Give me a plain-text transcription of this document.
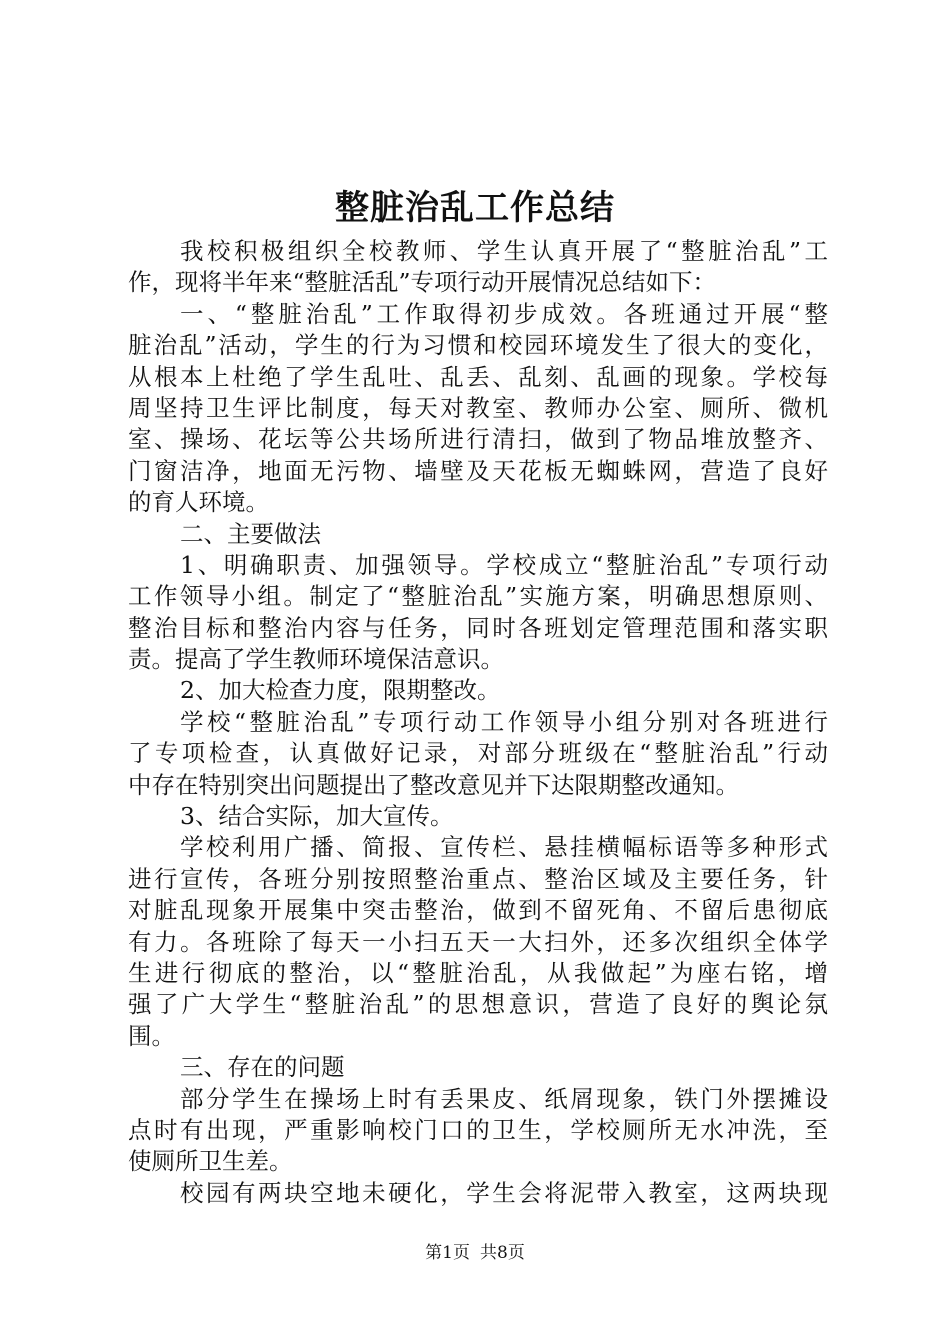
整脏治乱工作总结
我校积极组织全校教师、学生认真开展了“整脏治乱”工
作，现将半年来“整脏活乱”专项行动开展情况总结如下：
一、“整脏治乱”工作取得初步成效。各班通过开展“整
脏治乱”活动，学生的行为习惯和校园环境发生了很大的变化，
从根本上杜绝了学生乱吐、乱丢、乱刻、乱画的现象。学校每
周坚持卫生评比制度，每天对教室、教师办公室、厕所、微机
室、操场、花坛等公共场所进行清扫，做到了物品堆放整齐、
门窗洁净，地面无污物、墙壁及天花板无蜘蛛网，营造了良好
的育人环境。
二、主要做法
1、明确职责、加强领导。学校成立“整脏治乱”专项行动
工作领导小组。制定了“整脏治乱”实施方案，明确思想原则、
整治目标和整治内容与任务，同时各班划定管理范围和落实职
责。提高了学生教师环境保洁意识。
2、加大检查力度，限期整改。
学校“整脏治乱”专项行动工作领导小组分别对各班进行
了专项检查，认真做好记录，对部分班级在“整脏治乱”行动
中存在特别突出问题提出了整改意见并下达限期整改通知。
3、结合实际，加大宣传。
学校利用广播、简报、宣传栏、悬挂横幅标语等多种形式
进行宣传，各班分别按照整治重点、整治区域及主要任务，针
对脏乱现象开展集中突击整治，做到不留死角、不留后患彻底
有力。各班除了每天一小扫五天一大扫外，还多次组织全体学
生进行彻底的整治，以“整脏治乱，从我做起”为座右铭，增
强了广大学生“整脏治乱”的思想意识，营造了良好的舆论氛
围。
三、存在的问题
部分学生在操场上时有丢果皮、纸屑现象，铁门外摆摊设
点时有出现，严重影响校门口的卫生，学校厕所无水冲洗，至
使厕所卫生差。
校园有两块空地未硬化，学生会将泥带入教室，这两块现
第1页 共8页
